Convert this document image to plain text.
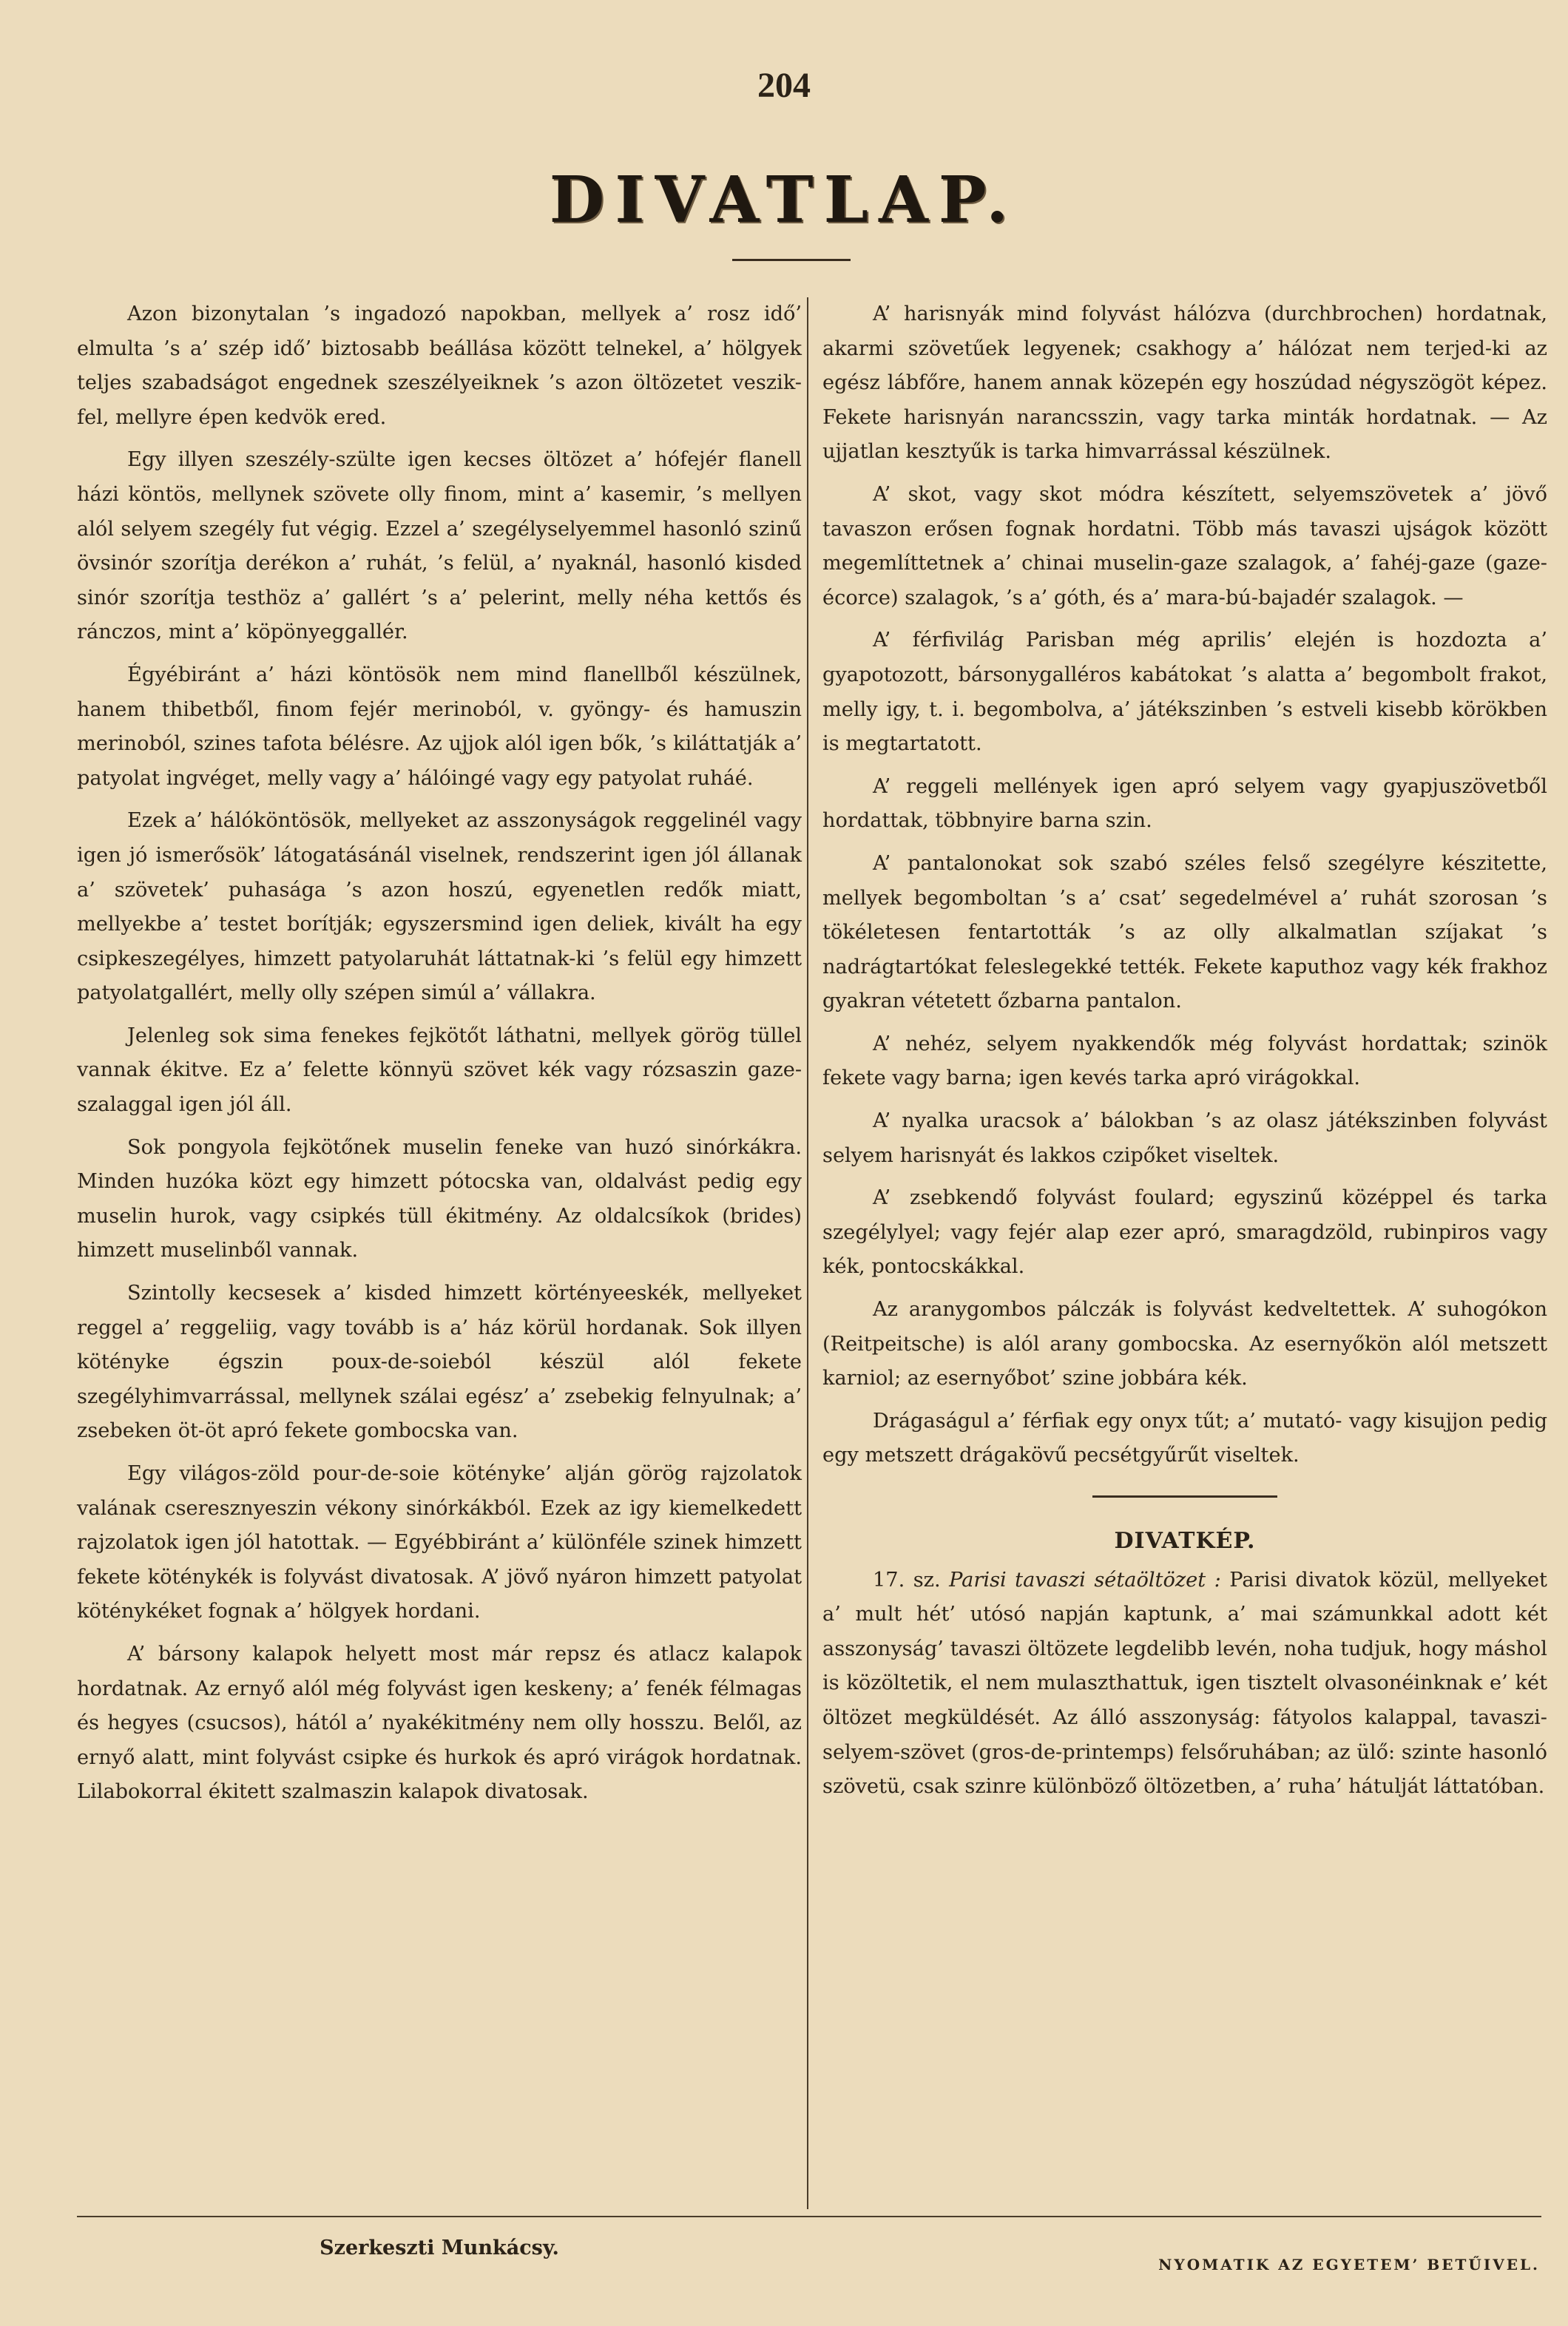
204
DIVATLAP.

Azon bizonytalan ’s ingadozó napokban, mellyek a’ rosz idő’ elmulta ’s a’ szép idő’ biztosabb beállása között telnekel, a’ hölgyek teljes szabadságot engednek szeszélyeiknek ’s azon öltözetet veszik-fel, mellyre épen kedvök ered.

Egy illyen szeszély-szülte igen kecses öltözet a’ hófejér flanell házi köntös, mellynek szövete olly finom, mint a’ kasemir, ’s mellyen alól selyem szegély fut végig. Ezzel a’ szegélyselyemmel hasonló szinű övsinór szorítja derékon a’ ruhát, ’s felül, a’ nyaknál, hasonló kisded sinór szorítja testhöz a’ gallért ’s a’ pelerint, melly néha kettős és ránczos, mint a’ köpönyeggallér.

Égyébiránt a’ házi köntösök nem mind flanellből készülnek, hanem thibetből, finom fejér merinoból, v. gyöngy- és hamuszin merinoból, szines tafota bélésre. Az ujjok alól igen bők, ’s kiláttatják a’ patyolat ingvéget, melly vagy a’ hálóingé vagy egy patyolat ruháé.

Ezek a’ hálóköntösök, mellyeket az asszonyságok reggelinél vagy igen jó ismerősök’ látogatásánál viselnek, rendszerint igen jól állanak a’ szövetek’ puhasága ’s azon hoszú, egyenetlen redők miatt, mellyekbe a’ testet borítják; egyszersmind igen deliek, kivált ha egy csipkeszegélyes, himzett patyolaruhát láttatnak-ki ’s felül egy himzett patyolatgallért, melly olly szépen simúl a’ vállakra.

Jelenleg sok sima fenekes fejkötőt láthatni, mellyek görög tüllel vannak ékitve. Ez a’ felette könnyü szövet kék vagy rózsaszin gaze-szalaggal igen jól áll.

Sok pongyola fejkötőnek muselin feneke van huzó sinórkákra. Minden huzóka közt egy himzett pótocska van, oldalvást pedig egy muselin hurok, vagy csipkés tüll ékitmény. Az oldalcsíkok (brides) himzett muselinből vannak.

Szintolly kecsesek a’ kisded himzett körtényeeskék, mellyeket reggel a’ reggeliig, vagy tovább is a’ ház körül hordanak. Sok illyen kötényke égszin poux-de-soieból készül alól fekete szegélyhimvarrással, mellynek szálai egész’ a’ zsebekig felnyulnak; a’ zsebeken öt-öt apró fekete gombocska van.

Egy világos-zöld pour-de-soie kötényke’ alján görög rajzolatok valának cseresznyeszin vékony sinórkákból. Ezek az igy kiemelkedett rajzolatok igen jól hatottak. — Egyébbiránt a’ különféle szinek himzett fekete köténykék is folyvást divatosak. A’ jövő nyáron himzett patyolat köténykéket fognak a’ hölgyek hordani.

A’ bársony kalapok helyett most már repsz és atlacz kalapok hordatnak. Az ernyő alól még folyvást igen keskeny; a’ fenék félmagas és hegyes (csucsos), hától a’ nyakékitmény nem olly hosszu. Belől, az ernyő alatt, mint folyvást csipke és hurkok és apró virágok hordatnak. Lilabokorral ékitett szalmaszin kalapok divatosak.

A’ harisnyák mind folyvást hálózva (durchbrochen) hordatnak, akarmi szövetűek legyenek; csakhogy a’ hálózat nem terjed-ki az egész lábfőre, hanem annak közepén egy hoszúdad négyszögöt képez. Fekete harisnyán narancsszin, vagy tarka minták hordatnak. — Az ujjatlan kesztyűk is tarka himvarrással készülnek.

A’ skot, vagy skot módra készített, selyemszövetek a’ jövő tavaszon erősen fognak hordatni. Több más tavaszi ujságok között megemlíttetnek a’ chinai muselin-gaze szalagok, a’ fahéj-gaze (gaze-écorce) szalagok, ’s a’ góth, és a’ mara-bú-bajadér szalagok. —

A’ férfivilág Parisban még aprilis’ elején is hozdozta a’ gyapotozott, bársonygalléros kabátokat ’s alatta a’ begombolt frakot, melly igy, t. i. begombolva, a’ játékszinben ’s estveli kisebb körökben is megtartatott.

A’ reggeli mellények igen apró selyem vagy gyapjuszövetből hordattak, többnyire barna szin.

A’ pantalonokat sok szabó széles felső szegélyre készitette, mellyek begomboltan ’s a’ csat’ segedelmével a’ ruhát szorosan ’s tökéletesen fentartották ’s az olly alkalmatlan szíjakat ’s nadrágtartókat feleslegekké tették. Fekete kaputhoz vagy kék frakhoz gyakran vétetett őzbarna pantalon.

A’ nehéz, selyem nyakkendők még folyvást hordattak; szinök fekete vagy barna; igen kevés tarka apró virágokkal.

A’ nyalka uracsok a’ bálokban ’s az olasz játékszinben folyvást selyem harisnyát és lakkos czipőket viseltek.

A’ zsebkendő folyvást foulard; egyszinű középpel és tarka szegélylyel; vagy fejér alap ezer apró, smaragdzöld, rubinpiros vagy kék, pontocskákkal.

Az aranygombos pálczák is folyvást kedveltettek. A’ suhogókon (Reitpeitsche) is alól arany gombocska. Az esernyőkön alól metszett karniol; az esernyőbot’ szine jobbára kék.

Drágaságul a’ férfiak egy onyx tűt; a’ mutató- vagy kisujjon pedig egy metszett drágakövű pecsétgyűrűt viseltek.

DIVATKÉP.

17. sz. Parisi tavaszi sétaöltözet : Parisi divatok közül, mellyeket a’ mult hét’ utósó napján kaptunk, a’ mai számunkkal adott két asszonyság’ tavaszi öltözete legdelibb levén, noha tudjuk, hogy máshol is közöltetik, el nem mulaszthattuk, igen tisztelt olvasonéinknak e’ két öltözet megküldését. Az álló asszonyság: fátyolos kalappal, tavaszi-selyem-szövet (gros-de-printemps) felsőruhában; az ülő: szinte hasonló szövetü, csak szinre különböző öltözetben, a’ ruha’ hátulját láttatóban.

Szerkeszti Munkácsy.
NYOMATIK AZ EGYETEM’ BETŰIVEL.
